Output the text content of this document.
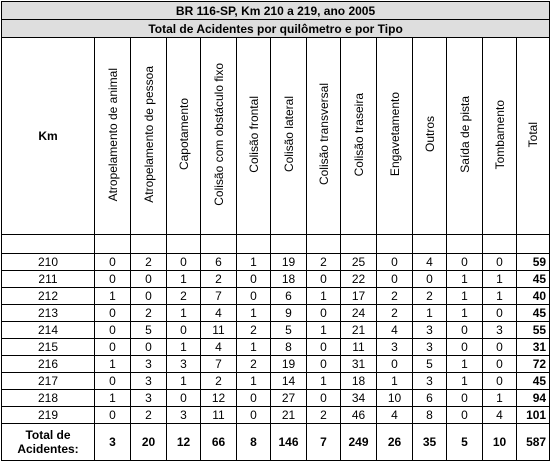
BR 116-SP, Km 210 a 219, ano 2005													
Total de Acidentes por quilômetro e por Tipo													
Km	Atropelamento de animal	Atropelamento de pessoa	Capotamento	Colisão com obstáculo fixo	Colisão frontal	Colisão lateral	Colisão transversal	Colisão traseira	Engavetamento	Outros	Saída de pista	Tombamento	Total

210	0	2	0	6	1	19	2	25	0	4	0	0	59
211	0	0	1	2	0	18	0	22	0	0	1	1	45
212	1	0	2	7	0	6	1	17	2	2	1	1	40
213	0	2	1	4	1	9	0	24	2	1	1	0	45
214	0	5	0	11	2	5	1	21	4	3	0	3	55
215	0	0	1	4	1	8	0	11	3	3	0	0	31
216	1	3	3	7	2	19	0	31	0	5	1	0	72
217	0	3	1	2	1	14	1	18	1	3	1	0	45
218	1	3	0	12	0	27	0	34	10	6	0	1	94
219	0	2	3	11	0	21	2	46	4	8	0	4	101
Total de Acidentes:	3	20	12	66	8	146	7	249	26	35	5	10	587
